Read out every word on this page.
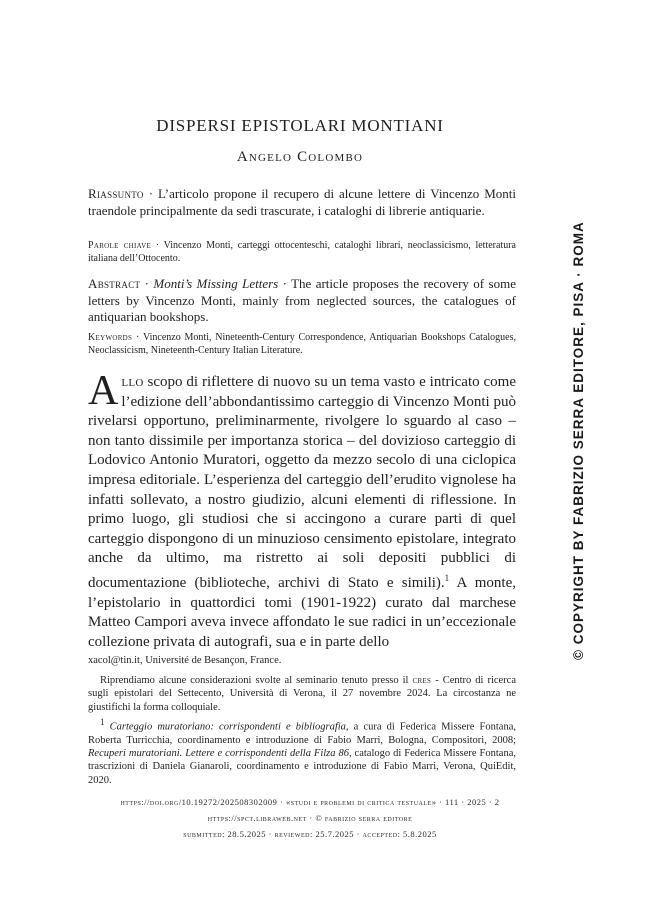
DISPERSI EPISTOLARI MONTIANI
Angelo Colombo
Riassunto · L’articolo propone il recupero di alcune lettere di Vincenzo Monti traendole principalmente da sedi trascurate, i cataloghi di librerie antiquarie.
Parole chiave · Vincenzo Monti, carteggi ottocenteschi, cataloghi librari, neoclassicismo, letteratura italiana dell’Ottocento.
Abstract · Monti’s Missing Letters · The article proposes the recovery of some letters by Vincenzo Monti, mainly from neglected sources, the catalogues of antiquarian bookshops.
Keywords · Vincenzo Monti, Nineteenth-Century Correspondence, Antiquarian Bookshops Catalogues, Neoclassicism, Nineteenth-Century Italian Literature.
Allo scopo di riflettere di nuovo su un tema vasto e intricato come l’edizione dell’abbondantissimo carteggio di Vincenzo Monti può rivelarsi opportuno, preliminarmente, rivolgere lo sguardo al caso – non tanto dissimile per importanza storica – del dovizioso carteggio di Lodovico Antonio Muratori, oggetto da mezzo secolo di una ciclopica impresa editoriale. L’esperienza del carteggio dell’erudito vignolese ha infatti sollevato, a nostro giudizio, alcuni elementi di riflessione. In primo luogo, gli studiosi che si accingono a curare parti di quel carteggio dispongono di un minuzioso censimento epistolare, integrato anche da ultimo, ma ristretto ai soli depositi pubblici di documentazione (biblioteche, archivi di Stato e simili).$^1$ A monte, l’epistolario in quattordici tomi (1901-1922) curato dal marchese Matteo Campori aveva invece affondato le sue radici in un’eccezionale collezione privata di autografi, sua e in parte dello
xacol@tin.it, Université de Besançon, France.
Riprendiamo alcune considerazioni svolte al seminario tenuto presso il cres - Centro di ricerca sugli epistolari del Settecento, Università di Verona, il 27 novembre 2024. La circostanza ne giustifichi la forma colloquiale.
$^1$ Carteggio muratoriano: corrispondenti e bibliografia, a cura di Federica Missere Fontana, Roberta Turricchia, coordinamento e introduzione di Fabio Marri, Bologna, Compositori, 2008; Recuperi muratoriani. Lettere e corrispondenti della Filza 86, catalogo di Federica Missere Fontana, trascrizioni di Daniela Gianaroli, coordinamento e introduzione di Fabio Marri, Verona, QuiEdit, 2020.
https://doi.org/10.19272/202508302009 · «studi e problemi di critica testuale» · 111 · 2025 · 2
https://spct.libraweb.net · © fabrizio serra editore
submitted: 28.5.2025 · reviewed: 25.7.2025 · accepted: 5.8.2025
© COPYRIGHT BY FABRIZIO SERRA EDITORE, PISA · ROMA
